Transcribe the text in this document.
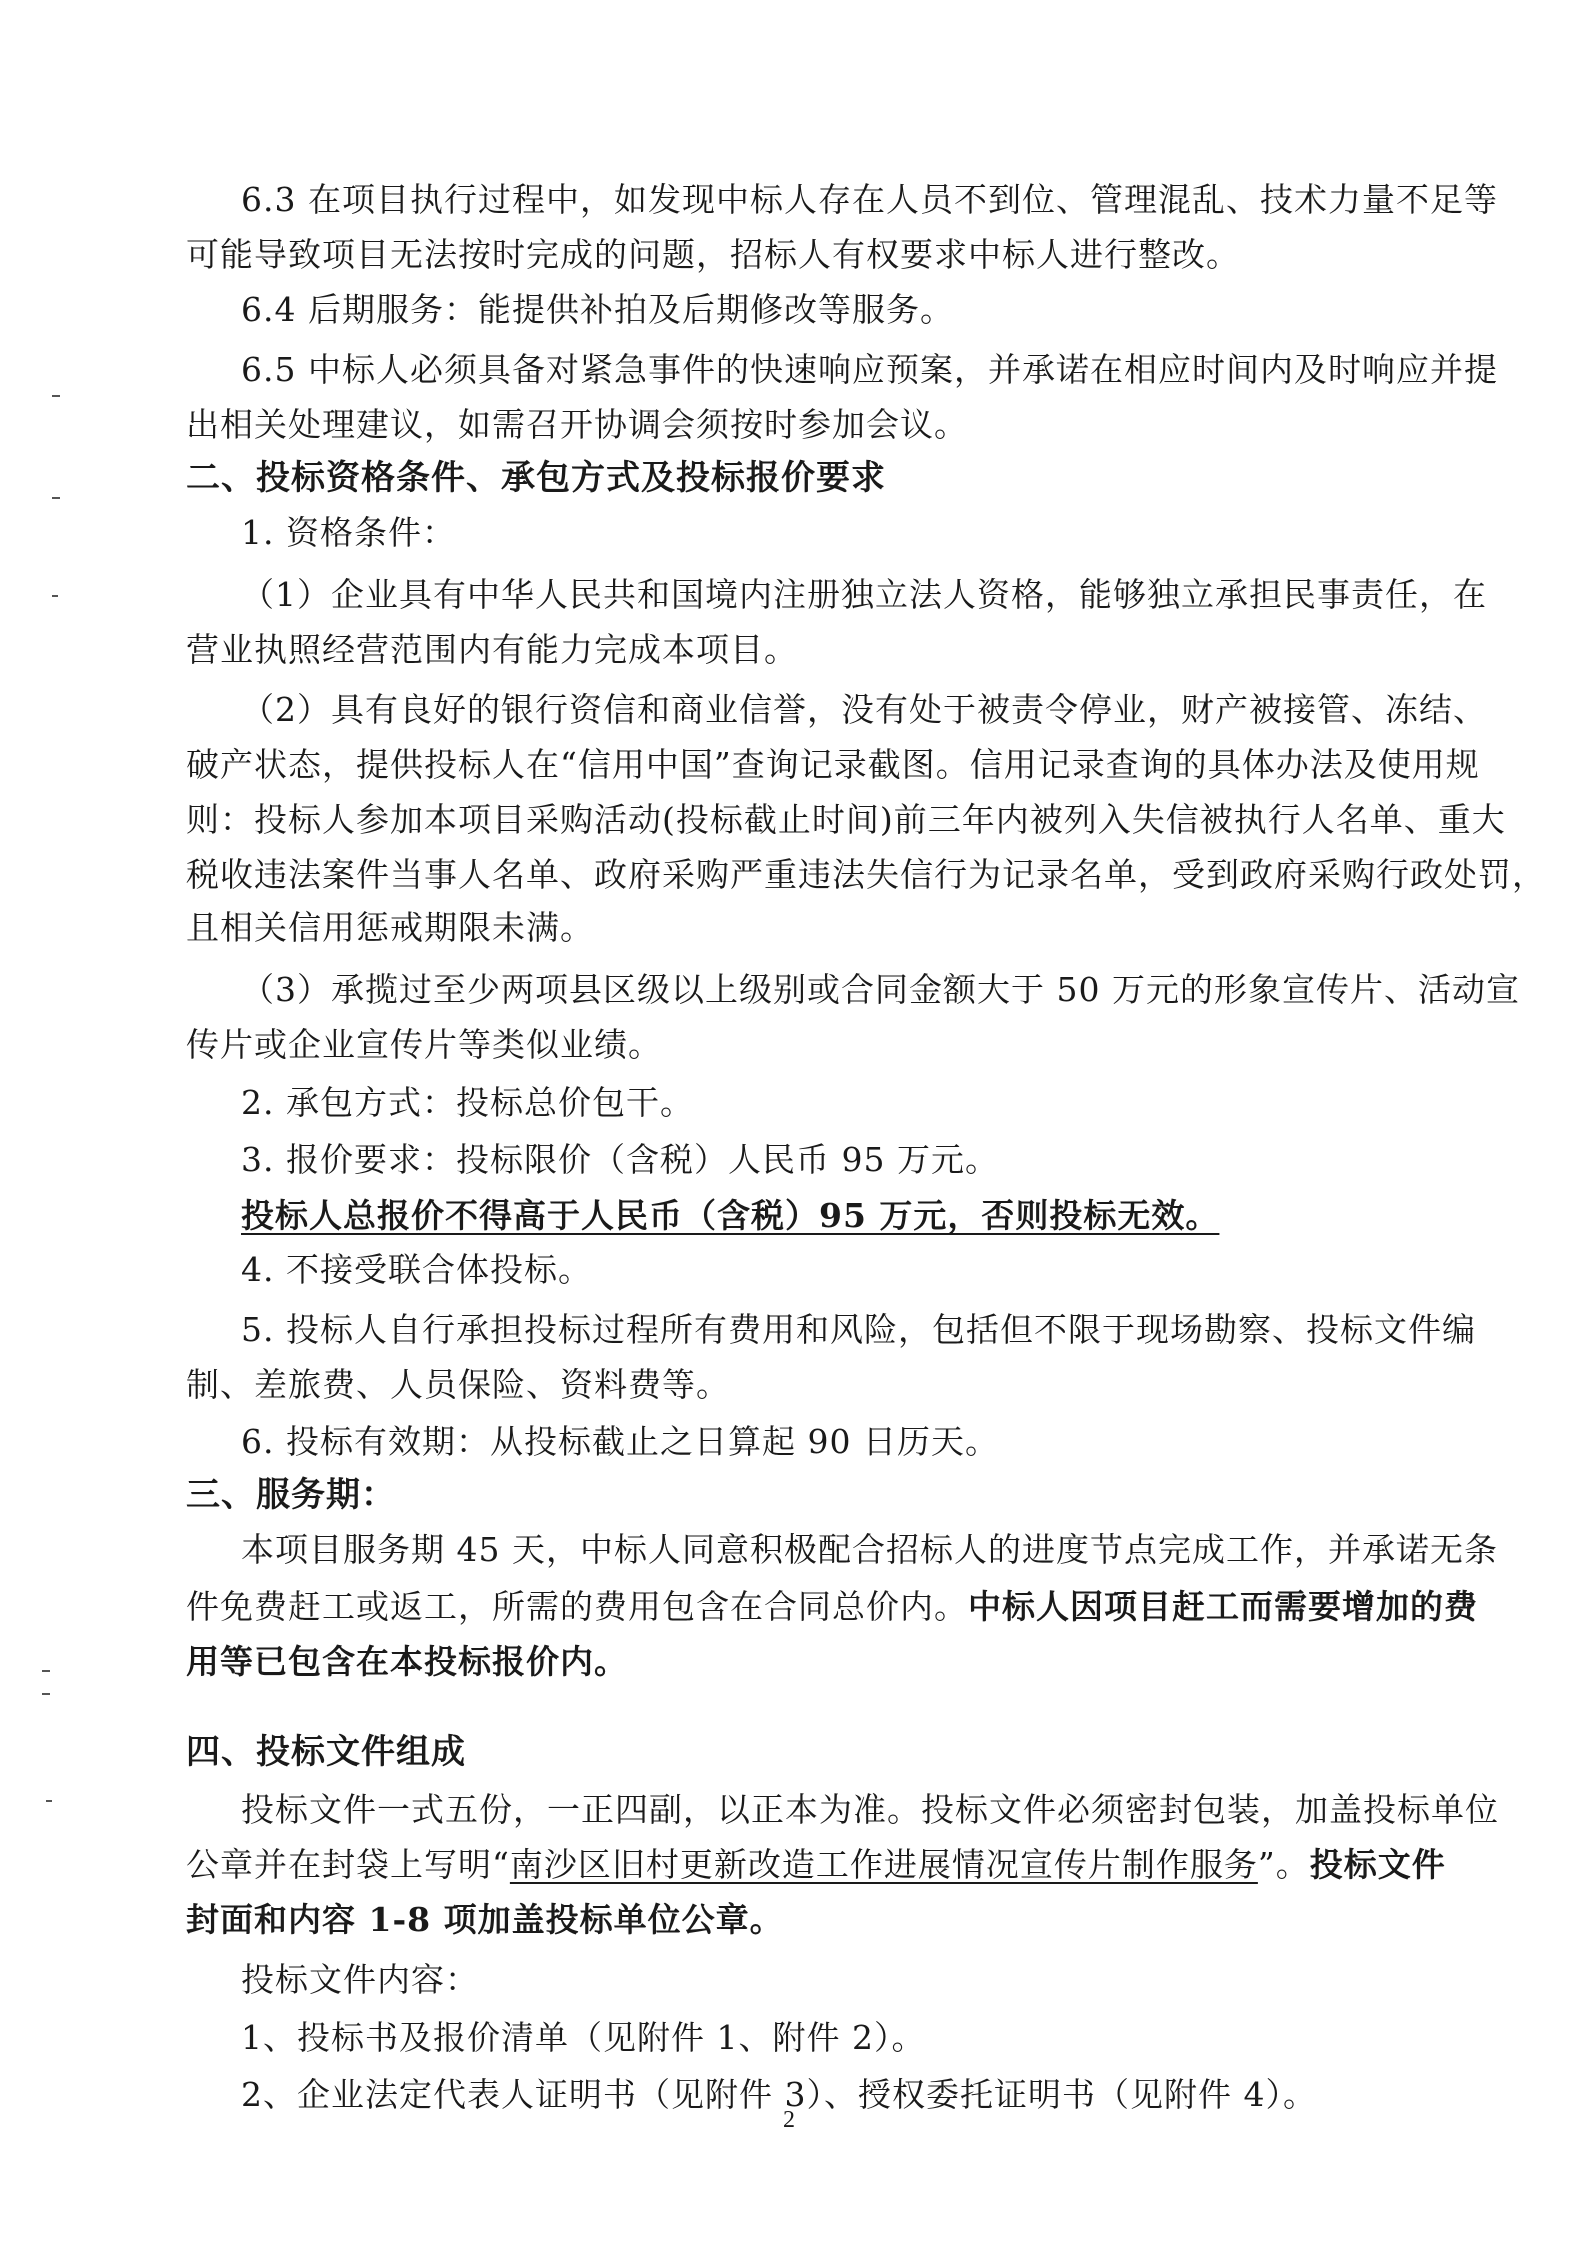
6.3 在项目执行过程中，如发现中标人存在人员不到位、管理混乱、技术力量不足等
可能导致项目无法按时完成的问题，招标人有权要求中标人进行整改。
6.4 后期服务：能提供补拍及后期修改等服务。
6.5 中标人必须具备对紧急事件的快速响应预案，并承诺在相应时间内及时响应并提
出相关处理建议，如需召开协调会须按时参加会议。
二、投标资格条件、承包方式及投标报价要求
1. 资格条件：
（1）企业具有中华人民共和国境内注册独立法人资格，能够独立承担民事责任，在
营业执照经营范围内有能力完成本项目。
（2）具有良好的银行资信和商业信誉，没有处于被责令停业，财产被接管、冻结、
破产状态，提供投标人在“信用中国”查询记录截图。信用记录查询的具体办法及使用规
则：投标人参加本项目采购活动(投标截止时间)前三年内被列入失信被执行人名单、重大
税收违法案件当事人名单、政府采购严重违法失信行为记录名单，受到政府采购行政处罚，
且相关信用惩戒期限未满。
（3）承揽过至少两项县区级以上级别或合同金额大于 50 万元的形象宣传片、活动宣
传片或企业宣传片等类似业绩。
2. 承包方式：投标总价包干。
3. 报价要求：投标限价（含税）人民币 95 万元。
投标人总报价不得高于人民币（含税）95 万元，否则投标无效。
4. 不接受联合体投标。
5. 投标人自行承担投标过程所有费用和风险，包括但不限于现场勘察、投标文件编
制、差旅费、人员保险、资料费等。
6. 投标有效期：从投标截止之日算起 90 日历天。
三、服务期：
本项目服务期 45 天，中标人同意积极配合招标人的进度节点完成工作，并承诺无条
件免费赶工或返工，所需的费用包含在合同总价内。中标人因项目赶工而需要增加的费
用等已包含在本投标报价内。
四、投标文件组成
投标文件一式五份，一正四副，以正本为准。投标文件必须密封包装，加盖投标单位
公章并在封袋上写明“南沙区旧村更新改造工作进展情况宣传片制作服务”。投标文件
封面和内容 1-8 项加盖投标单位公章。
投标文件内容：
1、投标书及报价清单（见附件 1、附件 2）。
2、企业法定代表人证明书（见附件 3）、授权委托证明书（见附件 4）。
2
